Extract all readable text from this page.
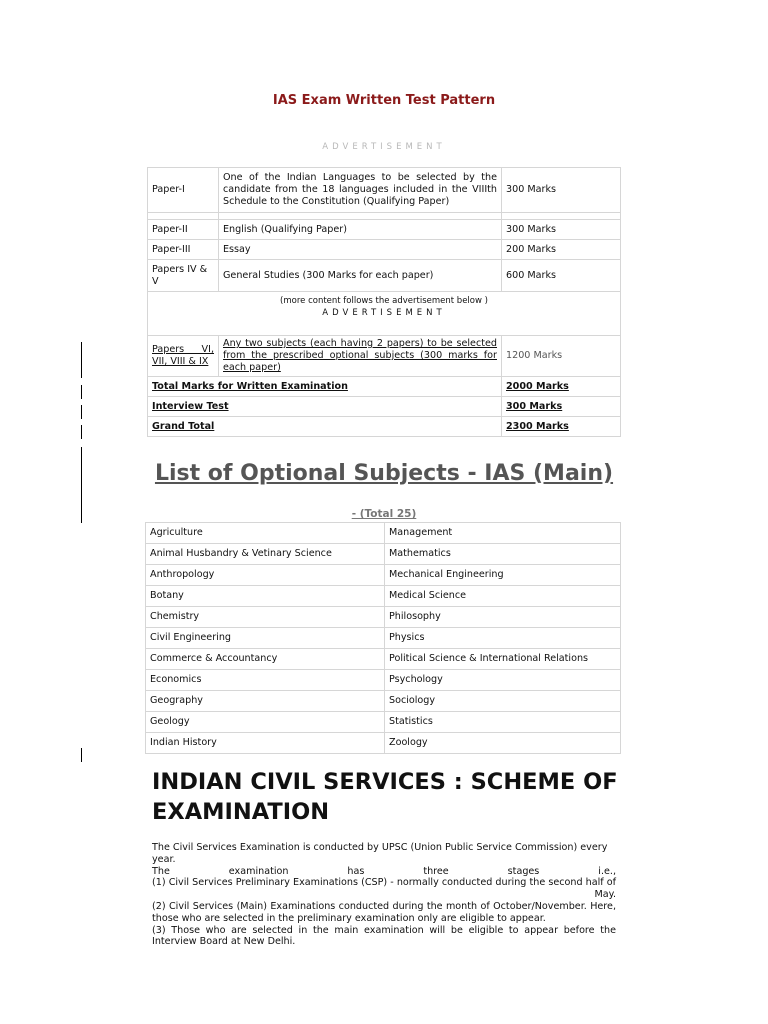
IAS Exam Written Test Pattern
ADVERTISEMENT
Paper-I	One of the Indian Languages to be selected by the candidate from the 18 languages included in the VIIIth Schedule to the Constitution (Qualifying Paper)	300 Marks

Paper-II	English (Qualifying Paper)	300 Marks
Paper-III	Essay	200 Marks
Papers IV & V	General Studies (300 Marks for each paper)	600 Marks

(more content follows the advertisement below )
ADVERTISEMENT		

Papers VI, VII, VIII & IX	Any two subjects (each having 2 papers) to be selected from the prescribed optional subjects (300 marks for each paper)	1200 Marks
Total Marks for Written Examination		2000 Marks
Interview Test		300 Marks
Grand Total		2300 Marks
List of Optional Subjects - IAS (Main)
- (Total 25)
Agriculture	Management
Animal Husbandry & Vetinary Science	Mathematics
Anthropology	Mechanical Engineering
Botany	Medical Science
Chemistry	Philosophy
Civil Engineering	Physics
Commerce & Accountancy	Political Science & International Relations
Economics	Psychology
Geography	Sociology
Geology	Statistics
Indian History	Zoology
INDIAN CIVIL SERVICES : SCHEME OF EXAMINATION

The Civil Services Examination is conducted by UPSC (Union Public Service Commission) every year.

The examination has three stages i.e.,

(1) Civil Services Preliminary Examinations (CSP) - normally conducted during the second half of

May.

(2) Civil Services (Main) Examinations conducted during the month of October/November. Here, those who are selected in the preliminary examination only are eligible to appear.

(3) Those who are selected in the main examination will be eligible to appear before the Interview Board at New Delhi.
